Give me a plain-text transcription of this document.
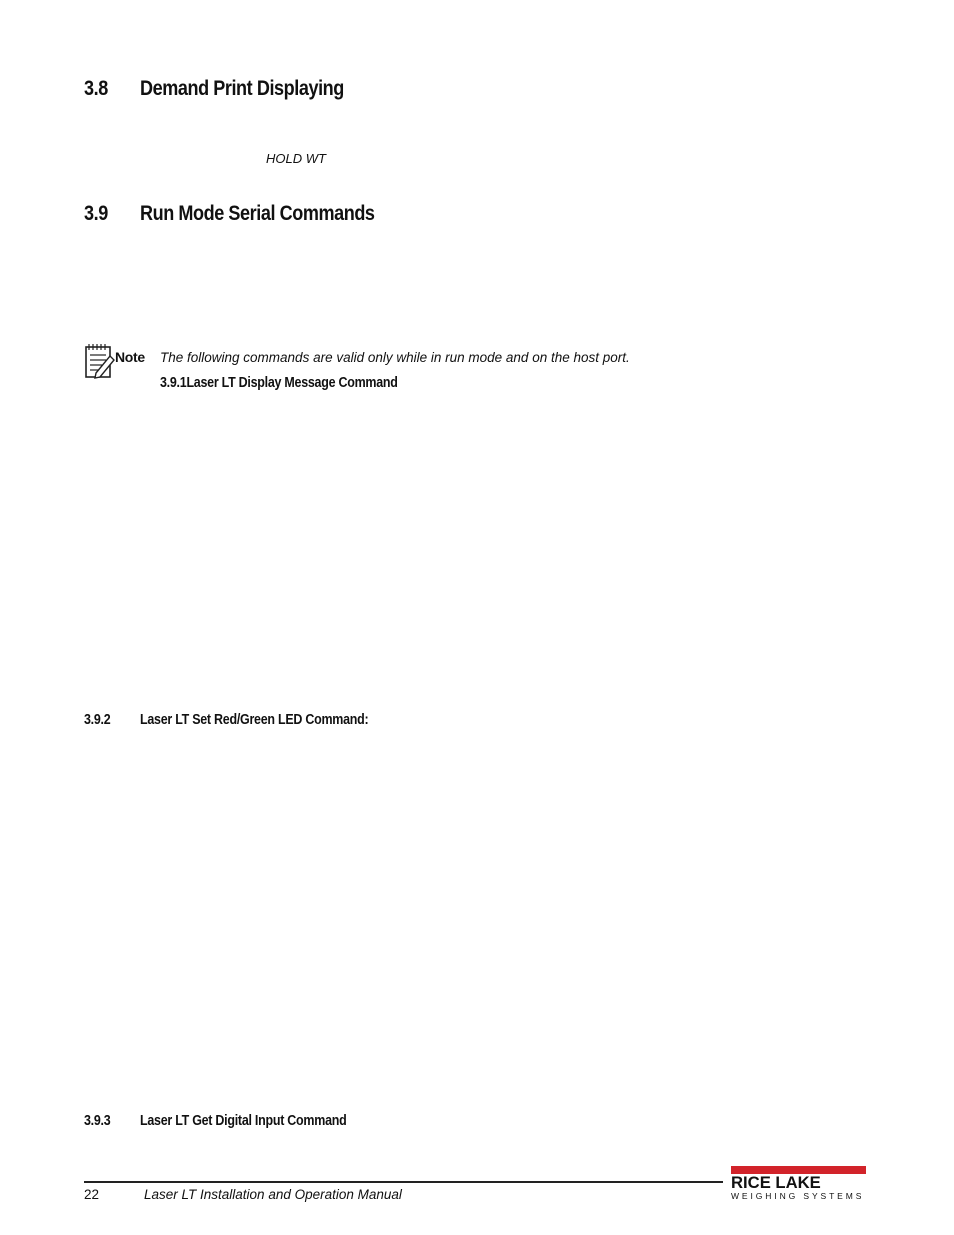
3.8 Demand Print Displaying
HOLD WT
3.9 Run Mode Serial Commands
Note The following commands are valid only while in run mode and on the host port.
3.9.1Laser LT Display Message Command
3.9.2 Laser LT Set Red/Green LED Command:
3.9.3 Laser LT Get Digital Input Command
22	Laser LT Installation and Operation Manual
RICE LAKE
WEIGHING SYSTEMS
